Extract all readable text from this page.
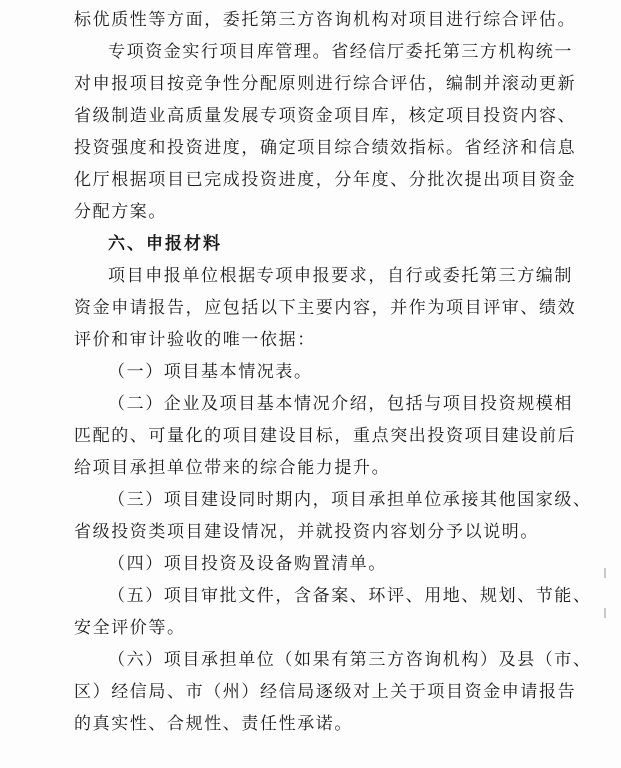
标优质性等方面，委托第三方咨询机构对项目进行综合评估。
专项资金实行项目库管理。省经信厅委托第三方机构统一
对申报项目按竞争性分配原则进行综合评估，编制并滚动更新
省级制造业高质量发展专项资金项目库，核定项目投资内容、
投资强度和投资进度，确定项目综合绩效指标。省经济和信息
化厅根据项目已完成投资进度，分年度、分批次提出项目资金
分配方案。
六、申报材料
项目申报单位根据专项申报要求，自行或委托第三方编制
资金申请报告，应包括以下主要内容，并作为项目评审、绩效
评价和审计验收的唯一依据：
（一）项目基本情况表。
（二）企业及项目基本情况介绍，包括与项目投资规模相
匹配的、可量化的项目建设目标，重点突出投资项目建设前后
给项目承担单位带来的综合能力提升。
（三）项目建设同时期内，项目承担单位承接其他国家级、
省级投资类项目建设情况，并就投资内容划分予以说明。
（四）项目投资及设备购置清单。
（五）项目审批文件，含备案、环评、用地、规划、节能、
安全评价等。
（六）项目承担单位（如果有第三方咨询机构）及县（市、
区）经信局、市（州）经信局逐级对上关于项目资金申请报告
的真实性、合规性、责任性承诺。
